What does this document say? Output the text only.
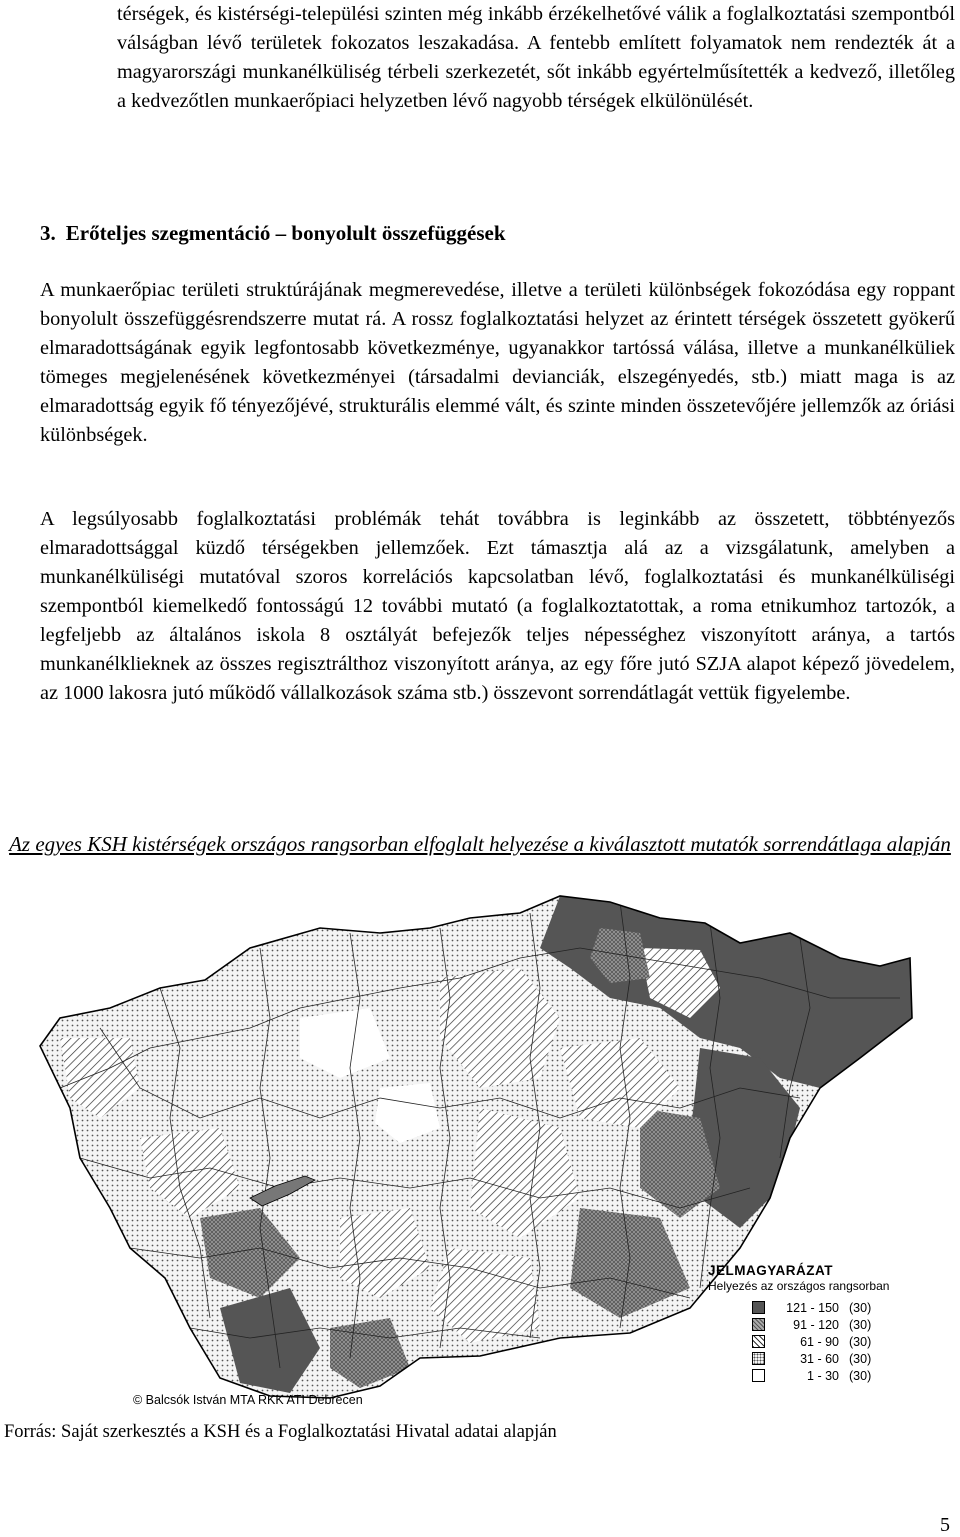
térségek, és kistérségi-települési szinten még inkább érzékelhetővé válik a foglalkoztatási szempontból válságban lévő területek fokozatos leszakadása. A fentebb említett folyamatok nem rendezték át a magyarországi munkanélküliség térbeli szerkezetét, sőt inkább egyértelműsítették a kedvező, illetőleg a kedvezőtlen munkaerőpiaci helyzetben lévő nagyobb térségek elkülönülését.

3. Erőteljes szegmentáció – bonyolult összefüggések

A munkaerőpiac területi struktúrájának megmerevedése, illetve a területi különbségek fokozódása egy roppant bonyolult összefüggésrendszerre mutat rá. A rossz foglalkoztatási helyzet az érintett térségek összetett gyökerű elmaradottságának egyik legfontosabb következménye, ugyanakkor tartóssá válása, illetve a munkanélküliek tömeges megjelenésének következményei (társadalmi devianciák, elszegényedés, stb.) miatt maga is az elmaradottság egyik fő tényezőjévé, strukturális elemmé vált, és szinte minden összetevőjére jellemzők az óriási különbségek.

A legsúlyosabb foglalkoztatási problémák tehát továbbra is leginkább az összetett, többtényezős elmaradottsággal küzdő térségekben jellemzőek. Ezt támasztja alá az a vizsgálatunk, amelyben a munkanélküliségi mutatóval szoros korrelációs kapcsolatban lévő, foglalkoztatási és munkanélküliségi szempontból kiemelkedő fontosságú 12 további mutató (a foglalkoztatottak, a roma etnikumhoz tartozók, a legfeljebb az általános iskola 8 osztályát befejezők teljes népességhez viszonyított aránya, a tartós munkanélklieknek az összes regisztrálthoz viszonyított aránya, az egy főre jutó SZJA alapot képező jövedelem, az 1000 lakosra jutó működő vállalkozások száma stb.) összevont sorrendátlagát vettük figyelembe.

Az egyes KSH kistérségek országos rangsorban elfoglalt helyezése a kiválasztott mutatók sorrendátlaga alapján

JELMAGYARÁZAT
Helyezés az országos rangsorban
121 - 150 (30)
91 - 120 (30)
61 - 90 (30)
31 - 60 (30)
1 - 30 (30)
© Balcsók István MTA RKK ATI Debrecen

Forrás: Saját szerkesztés a KSH és a Foglalkoztatási Hivatal adatai alapján

5
